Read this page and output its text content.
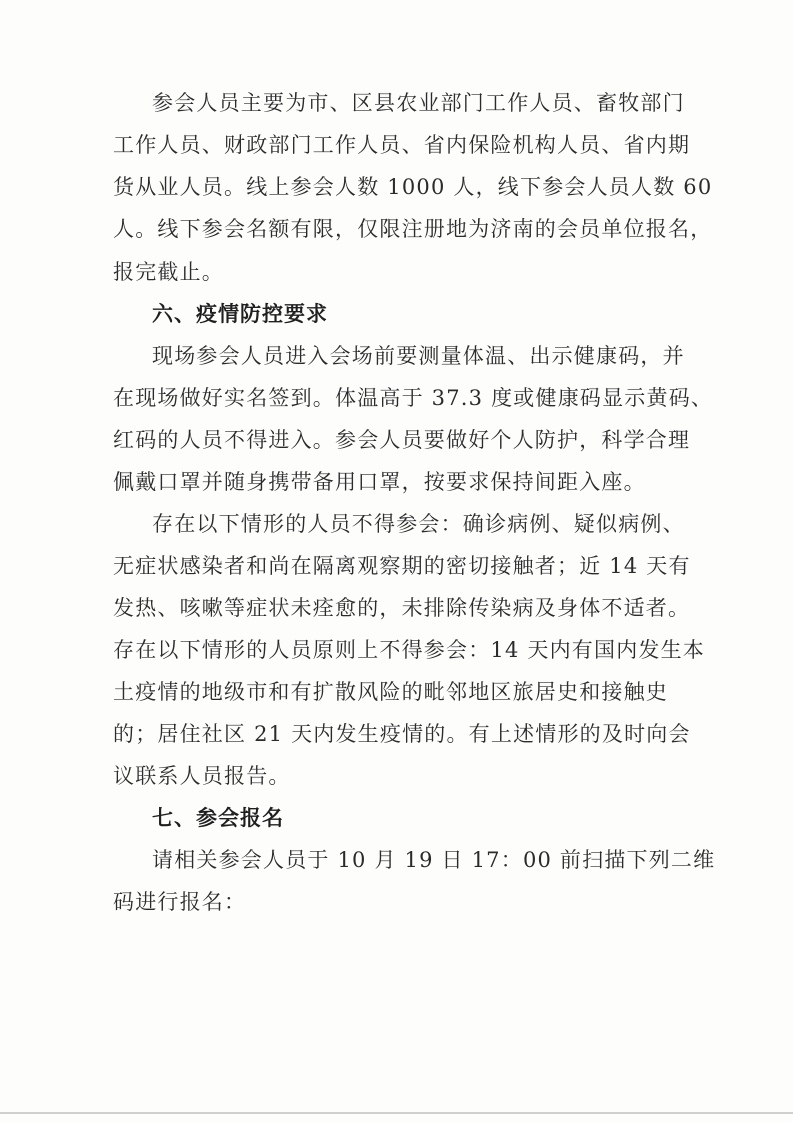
参会人员主要为市、区县农业部门工作人员、畜牧部门
工作人员、财政部门工作人员、省内保险机构人员、省内期
货从业人员。线上参会人数 1000 人，线下参会人员人数 60
人。线下参会名额有限，仅限注册地为济南的会员单位报名，
报完截止。
六、疫情防控要求
现场参会人员进入会场前要测量体温、出示健康码，并
在现场做好实名签到。体温高于 37.3 度或健康码显示黄码、
红码的人员不得进入。参会人员要做好个人防护，科学合理
佩戴口罩并随身携带备用口罩，按要求保持间距入座。
存在以下情形的人员不得参会：确诊病例、疑似病例、
无症状感染者和尚在隔离观察期的密切接触者；近 14 天有
发热、咳嗽等症状未痊愈的，未排除传染病及身体不适者。
存在以下情形的人员原则上不得参会：14 天内有国内发生本
土疫情的地级市和有扩散风险的毗邻地区旅居史和接触史
的；居住社区 21 天内发生疫情的。有上述情形的及时向会
议联系人员报告。
七、参会报名
请相关参会人员于 10 月 19 日 17：00 前扫描下列二维
码进行报名：
